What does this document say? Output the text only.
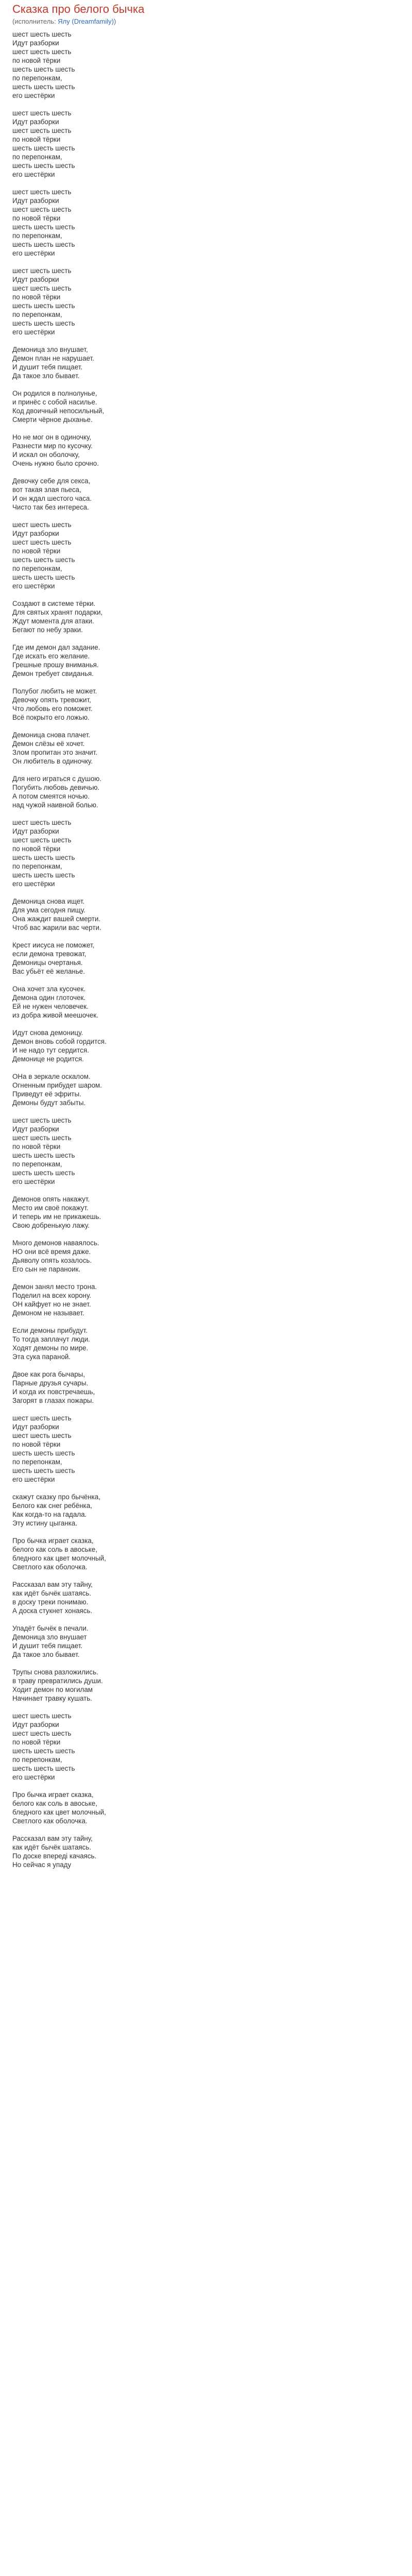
Сказка про белого бычка
(исполнитель: Ялy (Dreamfamily))
шест шесть шесть
Идут разборки
шест шесть шесть
по новой тёрки
шесть шесть шесть
по перепонкам,
шесть шесть шесть
его шестёрки
шест шесть шесть
Идут разборки
шест шесть шесть
по новой тёрки
шесть шесть шесть
по перепонкам,
шесть шесть шесть
его шестёрки
шест шесть шесть
Идут разборки
шест шесть шесть
по новой тёрки
шесть шесть шесть
по перепонкам,
шесть шесть шесть
его шестёрки
шест шесть шесть
Идут разборки
шест шесть шесть
по новой тёрки
шесть шесть шесть
по перепонкам,
шесть шесть шесть
его шестёрки
Демоница зло внушает,
Демон план не нарушает.
И душит тебя пищает.
Да такое зло бывает.
Он родился в полнолунье,
и принёс с собой насилье.
Код двоичный непосильный,
Смерти чёрное дыханье.
Но не мог он в одиночку,
Разнести мир по кусочку.
И искал он оболочку,
Очень нужно было срочно.
Девочку себе для секса,
вот такая злая пьеса,
И он ждал шестого часа.
Чисто так без интереса.
шест шесть шесть
Идут разборки
шест шесть шесть
по новой тёрки
шесть шесть шесть
по перепонкам,
шесть шесть шесть
его шестёрки
Создают в системе тёрки.
Для святых хранят подарки,
Ждут момента для атаки.
Бегают по небу зраки.
Где им демон дал задание.
Где искать его желание.
Грешные прошу вниманья.
Демон требует свиданья.
Полубог любить не может.
Девочку опять тревожит,
Что любовь его поможет.
Всё покрыто его ложью.
Демоница снова плачет.
Демон слёзы её хочет.
Злом пропитан это значит.
Он любитель в одиночку.
Для него играться с душою.
Погубить любовь девичью.
А потом смеятся ночью.
над чужой наивной болью.
шест шесть шесть
Идут разборки
шест шесть шесть
по новой тёрки
шесть шесть шесть
по перепонкам,
шесть шесть шесть
его шестёрки
Демоница снова ищет.
Для ума сегодня пищу.
Она жаждит вашей смерти.
Чтоб вас жарили вас черти.
Крест иисуса не поможет,
если демона тревожат,
Демоницы очертанья.
Вас убьёт её желанье.
Она хочет зла кусочек.
Демона один глоточек.
Ей не нужен человечек.
из добра живой меешочек.
Идут снова демоницу.
Демон вновь собой гордится.
И не надо тут сердится.
Демонице не родится.
ОНа в зеркале оскалом.
Огненным прибудет шаром.
Приведут её эфриты.
Демоны будут забыты.
шест шесть шесть
Идут разборки
шест шесть шесть
по новой тёрки
шесть шесть шесть
по перепонкам,
шесть шесть шесть
его шестёрки
Демонов опять накажут.
Место им своё покажут.
И теперь им не прикажешь.
Свою добренькую лажу.
Много демонов наваялось.
НО они всё время даже.
Дьяволу опять козалось.
Его сын не параноик.
Демон занял место трона.
Поделил на всех корону.
ОН кайфует но не знает.
Демоном не называет.
Если демоны прибудут.
То тогда заплачут люди.
Ходят демоны по мире.
Эта сука параной.
Двое как рога бычары,
Парные друзья сучары.
И когда их повстречаешь,
Загорят в глазах пожары.
шест шесть шесть
Идут разборки
шест шесть шесть
по новой тёрки
шесть шесть шесть
по перепонкам,
шесть шесть шесть
его шестёрки
скажут сказку про бычёнка,
Белого как снег ребёнка,
Как когда-то на гадала.
Эту истину цыганка.
Про бычка играет сказка,
белого как соль в авоське,
бледного как цвет молочный,
Светлого как оболочка.
Рассказал вам эту тайну,
как идёт бычёк шатаясь.
в доску треки понимаю.
А доска стукнет хонаясь.
Упадёт бычёк в печали.
Демоница зло внушает
И душит тебя пищает.
Да такое зло бывает.
Трупы снова разложились.
в траву превратились души.
Ходит демон по могилам
Начинает травку кушать.
шест шесть шесть
Идут разборки
шест шесть шесть
по новой тёрки
шесть шесть шесть
по перепонкам,
шесть шесть шесть
его шестёрки
Про бычка играет сказка,
белого как соль в авоське,
бледного как цвет молочный,
Светлого как оболочка.
Рассказал вам эту тайну,
как идёт бычёк шатаясь.
По доске впереді качаясь.
Но сейчас я упаду
